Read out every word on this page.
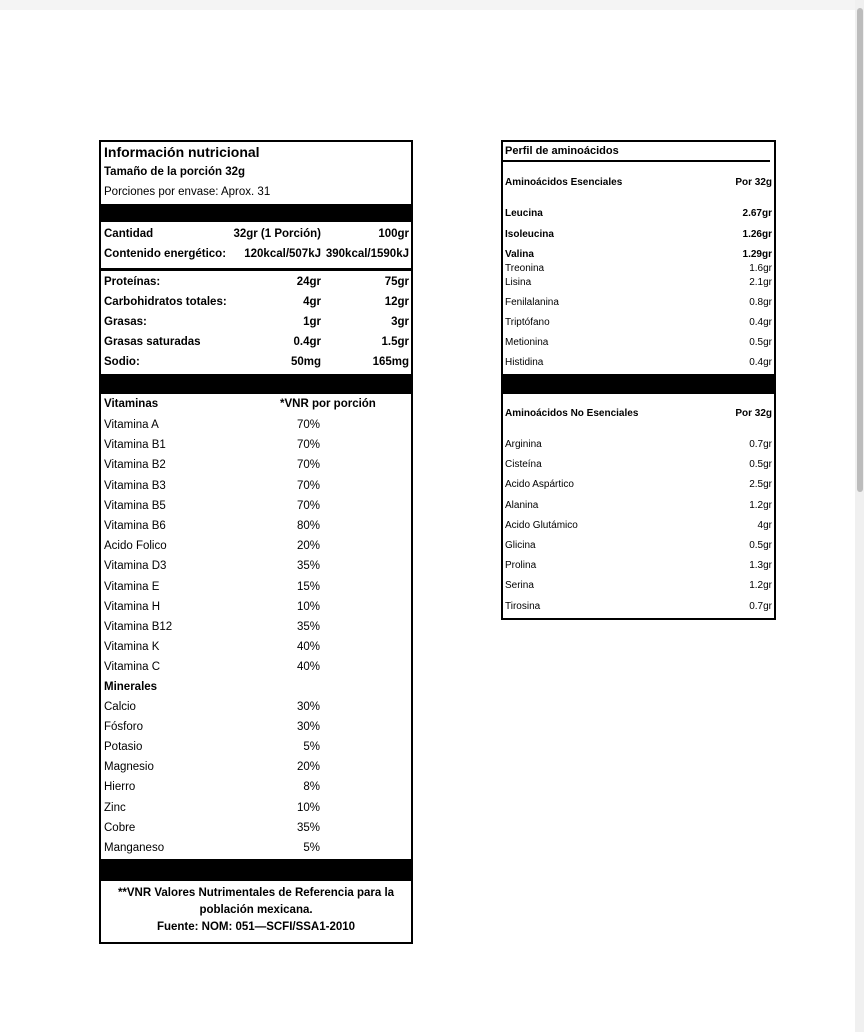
Información nutricional
Tamaño de la porción 32g
Porciones por envase: Aprox. 31
Cantidad	32gr (1 Porción)	100gr
Contenido energético: 120kcal/507kJ 390kcal/1590kJ
Proteínas:	24gr	75gr
Carbohidratos totales:	4gr	12gr
Grasas:	1gr	3gr
Grasas saturadas	0.4gr	1.5gr
Sodio:	50mg	165mg
Vitaminas	*VNR por porción
Vitamina A	70%
Vitamina B1	70%
Vitamina B2	70%
Vitamina B3	70%
Vitamina B5	70%
Vitamina B6	80%
Acido Folico	20%
Vitamina D3	35%
Vitamina E	15%
Vitamina H	10%
Vitamina B12	35%
Vitamina K	40%
Vitamina C	40%
Minerales
Calcio	30%
Fósforo	30%
Potasio	5%
Magnesio	20%
Hierro	8%
Zinc	10%
Cobre	35%
Manganeso	5%
**VNR Valores Nutrimentales de Referencia para la
población mexicana.
Fuente: NOM: 051—SCFI/SSA1-2010
Perfil de aminoácidos
Aminoácidos Esenciales	Por 32g
Leucina	2.67gr
Isoleucina	1.26gr
Valina	1.29gr
Treonina	1.6gr
Lisina	2.1gr
Fenilalanina	0.8gr
Triptófano	0.4gr
Metionina	0.5gr
Histidina	0.4gr
Aminoácidos No Esenciales	Por 32g
Arginina	0.7gr
Cisteína	0.5gr
Acido Aspártico	2.5gr
Alanina	1.2gr
Acido Glutámico	4gr
Glicina	0.5gr
Prolina	1.3gr
Serina	1.2gr
Tirosina	0.7gr
